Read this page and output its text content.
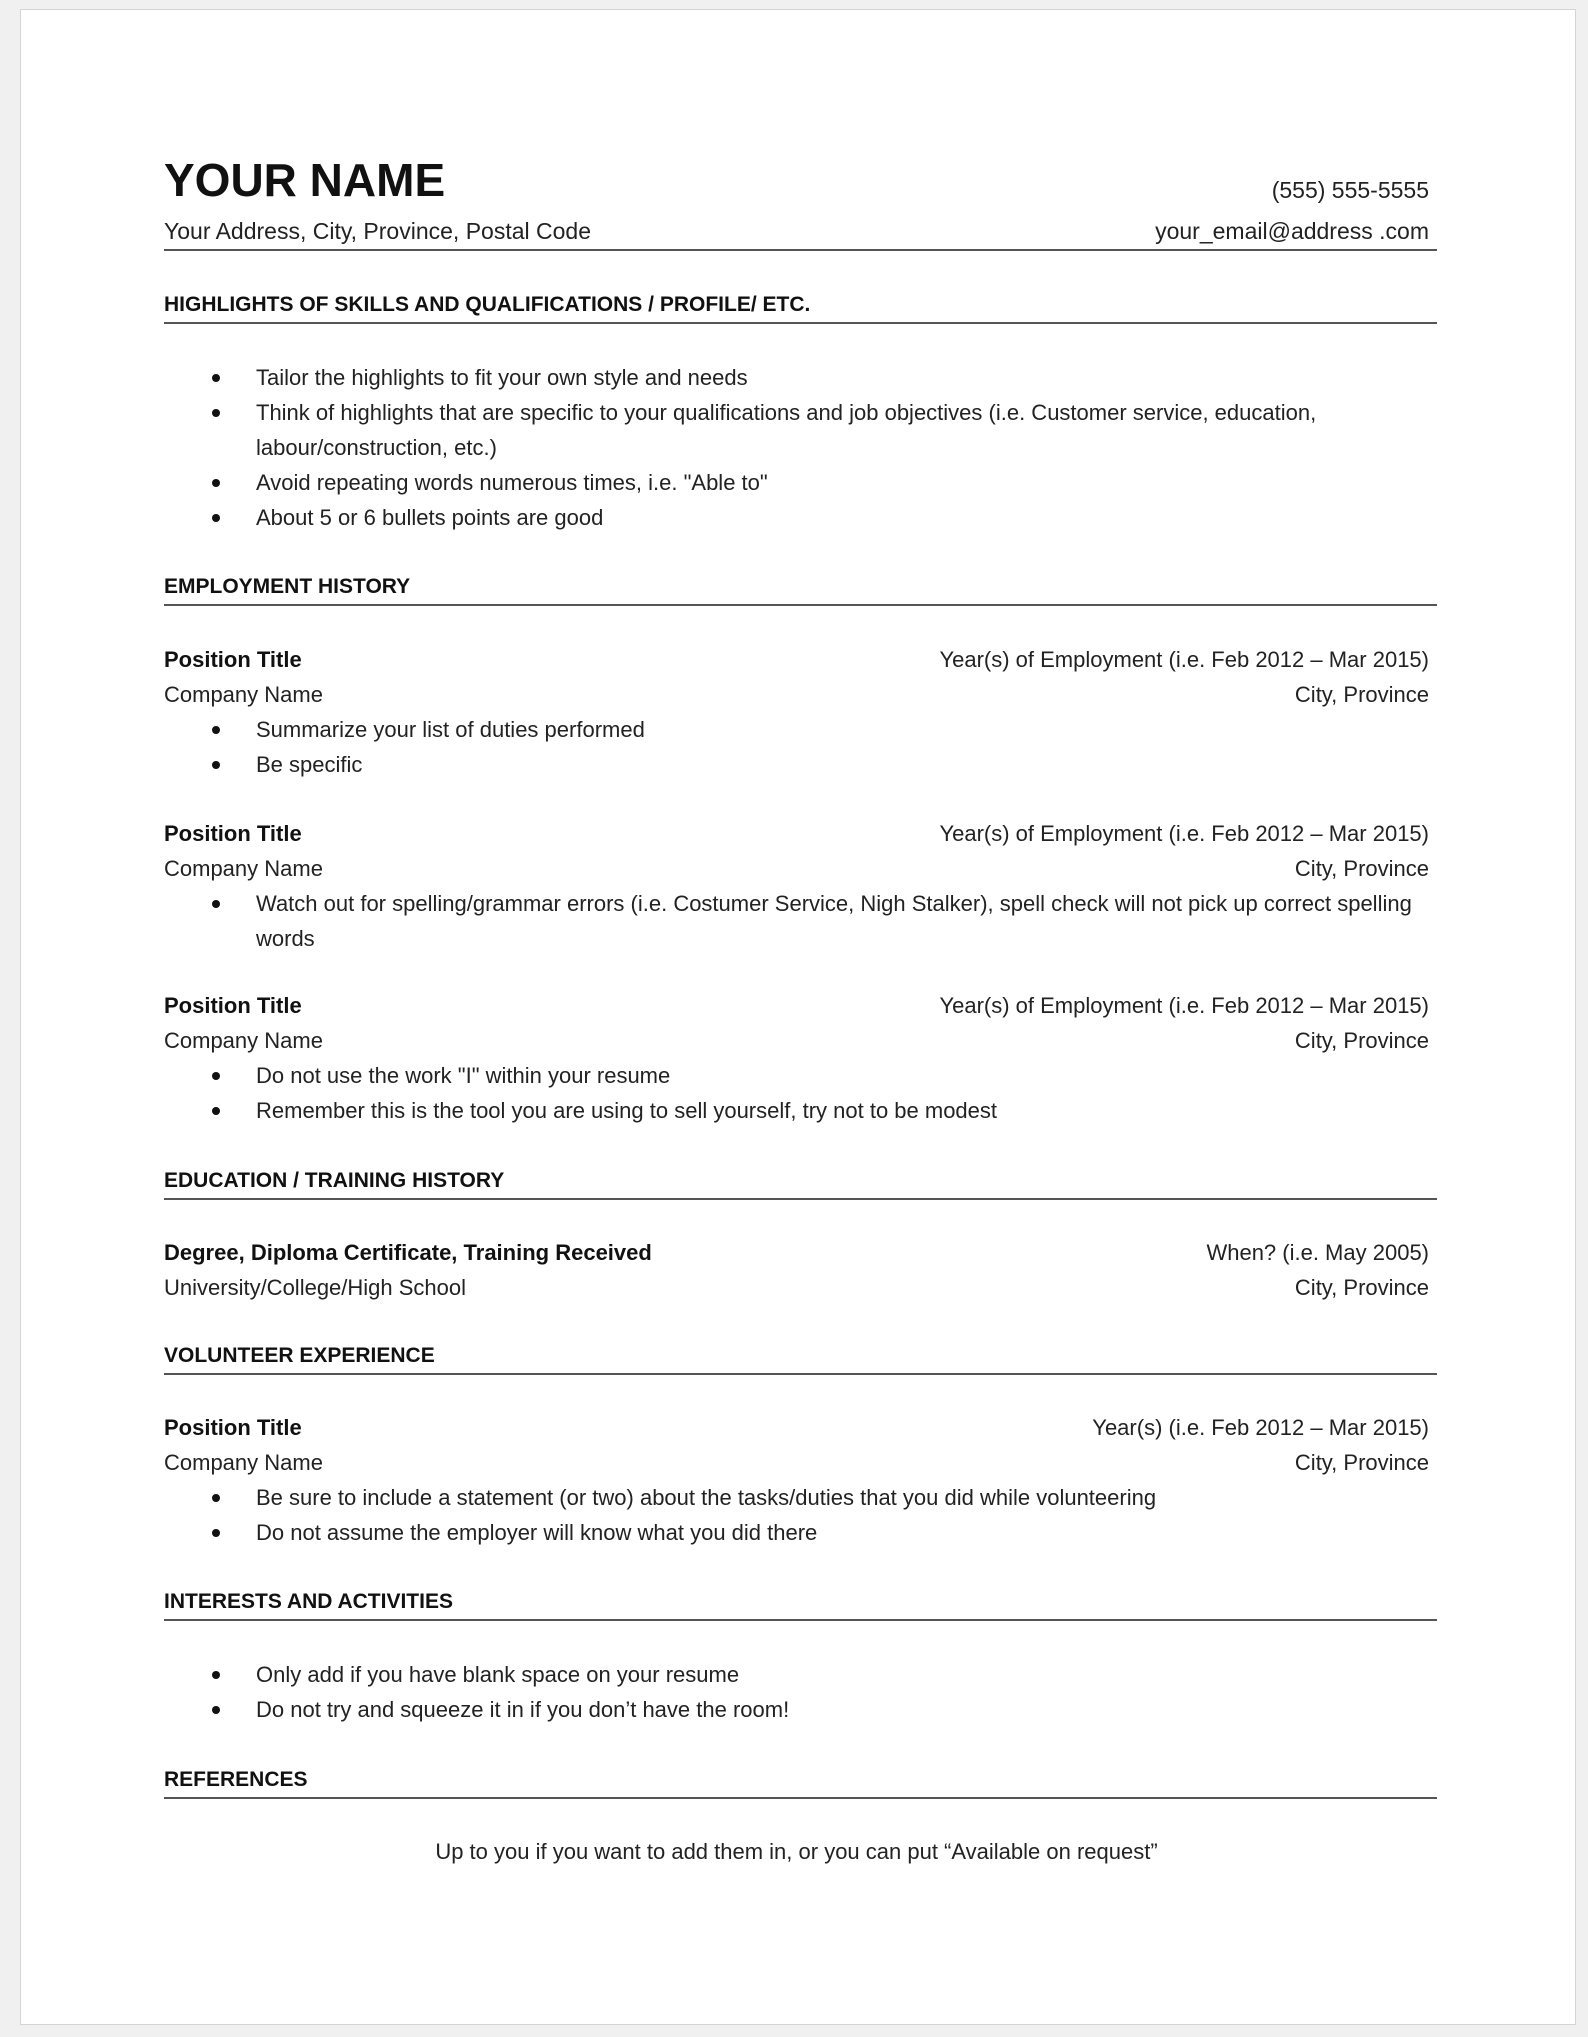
YOUR NAME	(555) 555-5555
Your Address, City, Province, Postal Code	your_email@address .com
HIGHLIGHTS OF SKILLS AND QUALIFICATIONS / PROFILE/ ETC.
Tailor the highlights to fit your own style and needs
Think of highlights that are specific to your qualifications and job objectives (i.e. Customer service, education, labour/construction, etc.)
Avoid repeating words numerous times, i.e. "Able to"
About 5 or 6 bullets points are good
EMPLOYMENT HISTORY
Position Title	Year(s) of Employment (i.e. Feb 2012 – Mar 2015)
Company Name	City, Province
Summarize your list of duties performed
Be specific
Position Title	Year(s) of Employment (i.e. Feb 2012 – Mar 2015)
Company Name	City, Province
Watch out for spelling/grammar errors (i.e. Costumer Service, Nigh Stalker), spell check will not pick up correct spelling words
Position Title	Year(s) of Employment (i.e. Feb 2012 – Mar 2015)
Company Name	City, Province
Do not use the work "I" within your resume
Remember this is the tool you are using to sell yourself, try not to be modest
EDUCATION / TRAINING HISTORY
Degree, Diploma Certificate, Training Received	When? (i.e. May 2005)
University/College/High School	City, Province
VOLUNTEER EXPERIENCE
Position Title	Year(s) (i.e. Feb 2012 – Mar 2015)
Company Name	City, Province
Be sure to include a statement (or two) about the tasks/duties that you did while volunteering
Do not assume the employer will know what you did there
INTERESTS AND ACTIVITIES
Only add if you have blank space on your resume
Do not try and squeeze it in if you don’t have the room!
REFERENCES
Up to you if you want to add them in, or you can put “Available on request”
